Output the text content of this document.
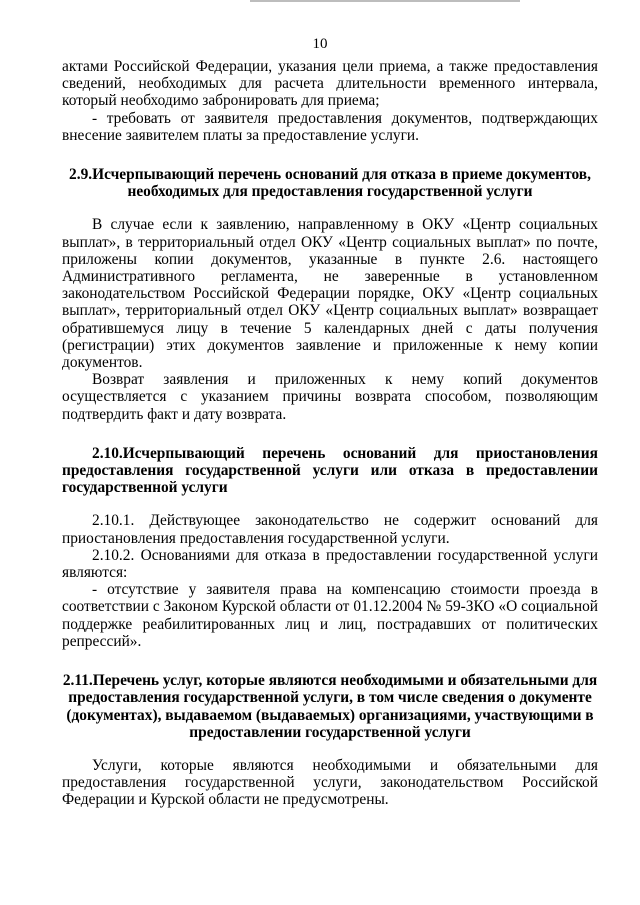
10

актами Российской Федерации, указания цели приема, а также предоставления сведений, необходимых для расчета длительности временного интервала, который необходимо забронировать для приема;

- требовать от заявителя предоставления документов, подтверждающих внесение заявителем платы за предоставление услуги.

2.9.Исчерпывающий перечень оснований для отказа в приеме документов, необходимых для предоставления государственной услуги

В случае если к заявлению, направленному в ОКУ «Центр социальных выплат», в территориальный отдел ОКУ «Центр социальных выплат» по почте, приложены копии документов, указанные в пункте 2.6. настоящего Административного регламента, не заверенные в установленном законодательством Российской Федерации порядке, ОКУ «Центр социальных выплат», территориальный отдел ОКУ «Центр социальных выплат» возвращает обратившемуся лицу в течение 5 календарных дней с даты получения (регистрации) этих документов заявление и приложенные к нему копии документов.

Возврат заявления и приложенных к нему копий документов осуществляется с указанием причины возврата способом, позволяющим подтвердить факт и дату возврата.

2.10.Исчерпывающий перечень оснований для приостановления предоставления государственной услуги или отказа в предоставлении государственной услуги

2.10.1. Действующее законодательство не содержит оснований для приостановления предоставления государственной услуги.

2.10.2. Основаниями для отказа в предоставлении государственной услуги являются:

- отсутствие у заявителя права на компенсацию стоимости проезда в соответствии с Законом Курской области от 01.12.2004 № 59-ЗКО «О социальной поддержке реабилитированных лиц и лиц, пострадавших от политических репрессий».

2.11.Перечень услуг, которые являются необходимыми и обязательными для предоставления государственной услуги, в том числе сведения о документе (документах), выдаваемом (выдаваемых) организациями, участвующими в предоставлении государственной услуги

Услуги, которые являются необходимыми и обязательными для предоставления государственной услуги, законодательством Российской Федерации и Курской области не предусмотрены.
